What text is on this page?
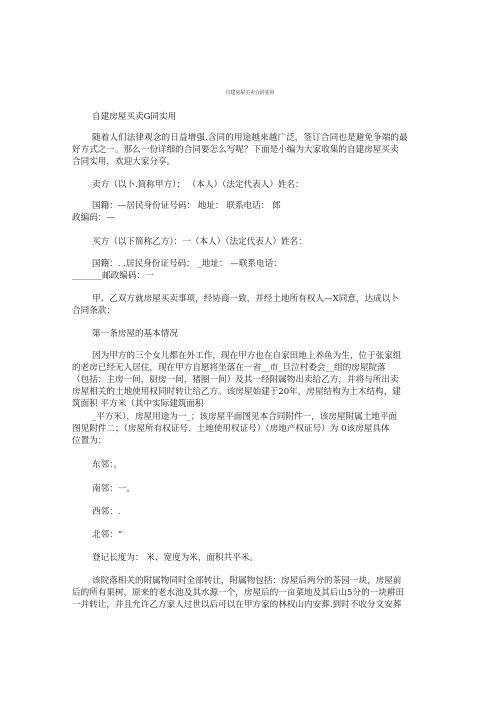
自建房屋买卖合同实用
自建房屋买卖G同实用
随着人们法律观念的日益增强.含同的用途越来越广泛，签订合同也是避免争端的最
好方式之一。那么一份详细的合同要怎么写呢？下面是小编为大家收集的自建房屋买卖
合同实用，欢迎大家分享。
卖方（以卜.简称甲方）： （本人）（法定代表人）姓名：
国籍：—居民身份证号码： 地址： 联系电话： 郎
政编码：—
买方（以下简称乙方）：一（本人）（法定代表人）姓名：
国籍：. .居民身份证号码： _地址： —联系电话：
_______邮政编码：一
甲、乙双方就房屋买卖事项，经协商一致，并经土地所有权人—X同意，达成以卜
合同条款：
第一条房屋的基本情况
因为甲方的三个女儿都在外工作，现在甲方也在自家田地上养鱼为生，位于张家组
的老房已经无人居住，现在甲方自愿将坐落在一省__市_旦泣村委会__组的房屋院落
（包括：主房一间，厨房一间，猪圈一间）及其一经附属物出卖给乙方，并将与所出卖
房屋相关的土地使用权同时转让给乙方。该房屋始建于20年，房屋结构为土木结构，建
筑面积 平方米（其中实际建筑面积
_平方米），房屋用途为一_；该房屋平面图见本合同附件一，该房屋附属土地平面
图见附件二；（房屋所有权证号、土地使用权证号）（房地产权证号）为 0该房屋具体
位置为：
东邻：。
南邻：一。
西邻：.
北邻：“
登记长度为： 米、宽度为米，面积共平米。
该院落相关的附属物同时全部转让，附属物包括：房屋后两分的茶园一块，房屋前
后的所有果树，原来的老水池及其水源一个，房屋后的一亩菜地及其后山5分的一块耕田
一并转让，并且允许乙方家人过世以后可以在甲方家的林权山内安葬.到时不收分文安葬
